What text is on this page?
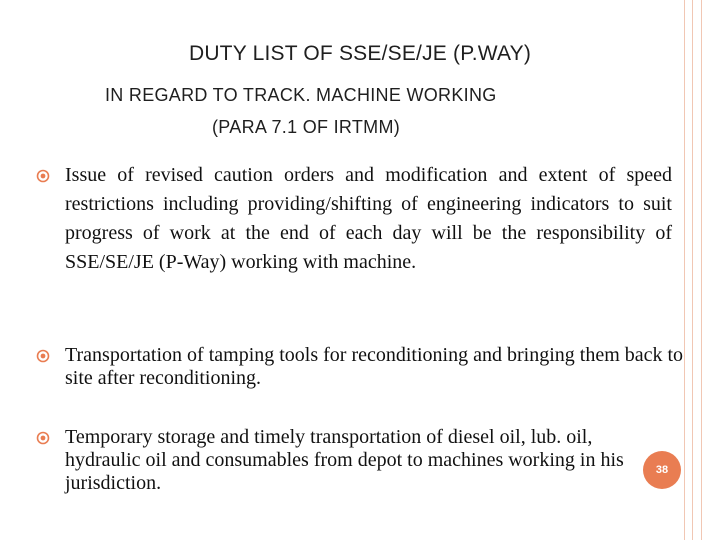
DUTY LIST OF SSE/SE/JE (P.WAY)
IN REGARD TO TRACK. MACHINE WORKING
(PARA 7.1 OF IRTMM)
Issue of revised caution orders and modification and extent of speed restrictions including providing/shifting of engineering indicators to suit progress of work at the end of each day will be the responsibility of SSE/SE/JE (P-Way) working with machine.
Transportation of tamping tools for reconditioning and bringing them back to site after reconditioning.
Temporary storage and timely transportation of diesel oil, lub. oil, hydraulic oil and consumables from depot to machines working in his jurisdiction.
38
